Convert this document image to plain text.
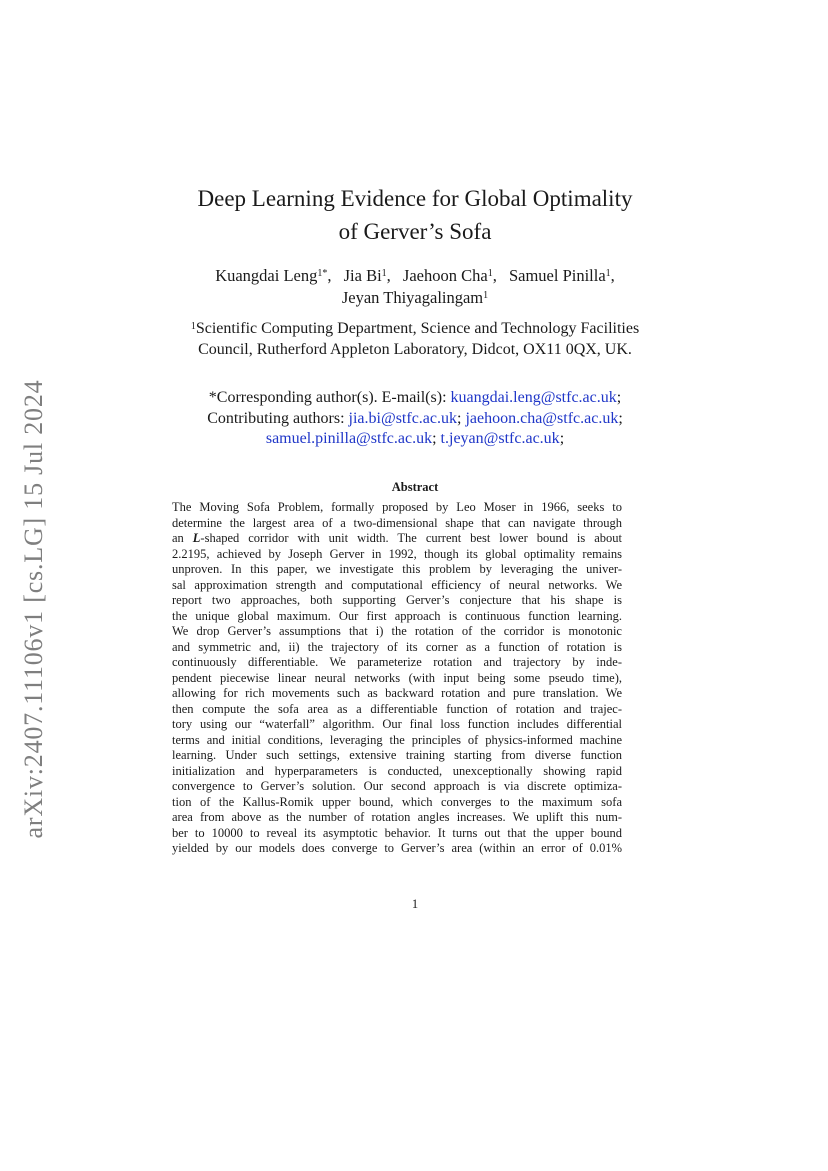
arXiv:2407.11106v1 [cs.LG] 15 Jul 2024
Deep Learning Evidence for Global Optimality
of Gerver’s Sofa
Kuangdai Leng$^{1*}$, Jia Bi$^1$, Jaehoon Cha$^1$, Samuel Pinilla$^1$,
Jeyan Thiyagalingam$^1$
$^1$Scientific Computing Department, Science and Technology Facilities
Council, Rutherford Appleton Laboratory, Didcot, OX11 0QX, UK.
*Corresponding author(s). E-mail(s): kuangdai.leng@stfc.ac.uk;
Contributing authors: jia.bi@stfc.ac.uk; jaehoon.cha@stfc.ac.uk;
samuel.pinilla@stfc.ac.uk; t.jeyan@stfc.ac.uk;
Abstract
The Moving Sofa Problem, formally proposed by Leo Moser in 1966, seeks to
determine the largest area of a two-dimensional shape that can navigate through
an L-shaped corridor with unit width. The current best lower bound is about
2.2195, achieved by Joseph Gerver in 1992, though its global optimality remains
unproven. In this paper, we investigate this problem by leveraging the univer-
sal approximation strength and computational efficiency of neural networks. We
report two approaches, both supporting Gerver’s conjecture that his shape is
the unique global maximum. Our first approach is continuous function learning.
We drop Gerver’s assumptions that i) the rotation of the corridor is monotonic
and symmetric and, ii) the trajectory of its corner as a function of rotation is
continuously differentiable. We parameterize rotation and trajectory by inde-
pendent piecewise linear neural networks (with input being some pseudo time),
allowing for rich movements such as backward rotation and pure translation. We
then compute the sofa area as a differentiable function of rotation and trajec-
tory using our “waterfall” algorithm. Our final loss function includes differential
terms and initial conditions, leveraging the principles of physics-informed machine
learning. Under such settings, extensive training starting from diverse function
initialization and hyperparameters is conducted, unexceptionally showing rapid
convergence to Gerver’s solution. Our second approach is via discrete optimiza-
tion of the Kallus-Romik upper bound, which converges to the maximum sofa
area from above as the number of rotation angles increases. We uplift this num-
ber to 10000 to reveal its asymptotic behavior. It turns out that the upper bound
yielded by our models does converge to Gerver’s area (within an error of 0.01%
1
